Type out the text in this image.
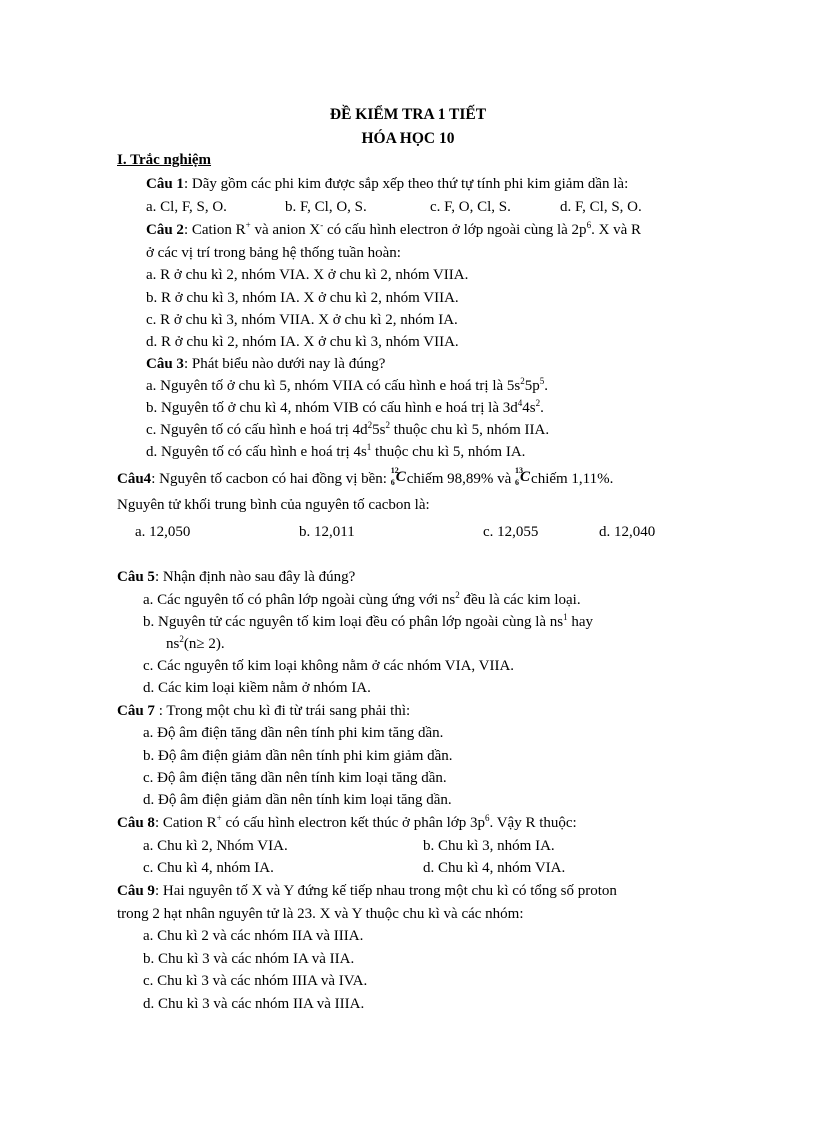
ĐỀ KIỂM TRA 1 TIẾT
HÓA HỌC 10
I. Trắc nghiệm
Câu 1: Dãy gồm các phi kim được sắp xếp theo thứ tự tính phi kim giảm dần là:
a. Cl, F, S, O.	b. F, Cl, O, S.	c. F, O, Cl, S.	d. F, Cl, S, O.
Câu 2: Cation R+ và anion X- có cấu hình electron ở lớp ngoài cùng là $2p^6$. X và R
ở các vị trí trong bảng hệ thống tuần hoàn:
a. R ở chu kì 2, nhóm VIA. X ở chu kì 2, nhóm VIIA.
b. R ở chu kì 3, nhóm IA. X ở chu kì 2, nhóm VIIA.
c. R ở chu kì 3, nhóm VIIA. X ở chu kì 2, nhóm IA.
d. R ở chu kì 2, nhóm IA. X ở chu kì 3, nhóm VIIA.
Câu 3: Phát biểu nào dưới nay là đúng?
a. Nguyên tố ở chu kì 5, nhóm VIIA có cấu hình e hoá trị là $5s^25p^5$.
b. Nguyên tố ở chu kì 4, nhóm VIB có cấu hình e hoá trị là $3d^44s^2$.
c. Nguyên tố có cấu hình e hoá trị $4d^25s^2$ thuộc chu kì 5, nhóm IIA.
d. Nguyên tố có cấu hình e hoá trị $4s^1$ thuộc chu kì 5, nhóm IA.
Câu4: Nguyên tố cacbon có hai đồng vị bền:
12
6 C chiếm 98,89% và
13
6 C chiếm 1,11%.
Nguyên tử khối trung bình của nguyên tố cacbon là:
a. 12,050	b. 12,011	c. 12,055	d. 12,040
Câu 5: Nhận định nào sau đây là đúng?
a. Các nguyên tố có phân lớp ngoài cùng ứng với $ns^2$ đều là các kim loại.
b. Nguyên tử các nguyên tố kim loại đều có phân lớp ngoài cùng là $ns^1$ hay
$ns^2(n\ge 2)$.
c. Các nguyên tố kim loại không nằm ở các nhóm VIA, VIIA.
d. Các kim loại kiềm nằm ở nhóm IA.
Câu 7 : Trong một chu kì đi từ trái sang phải thì:
a. Độ âm điện tăng dần nên tính phi kim tăng dần.
b. Độ âm điện giảm dần nên tính phi kim giảm dần.
c. Độ âm điện tăng dần nên tính kim loại tăng dần.
d. Độ âm điện giảm dần nên tính kim loại tăng dần.
Câu 8: Cation R+ có cấu hình electron kết thúc ở phân lớp $3p^6$. Vậy R thuộc:
a. Chu kì 2, Nhóm VIA.	b. Chu kì 3, nhóm IA.
c. Chu kì 4, nhóm IA.	d. Chu kì 4, nhóm VIA.
Câu 9: Hai nguyên tố X và Y đứng kế tiếp nhau trong một chu kì có tổng số proton
trong 2 hạt nhân nguyên tử là 23. X và Y thuộc chu kì và các nhóm:
a. Chu kì 2 và các nhóm IIA và IIIA.
b. Chu kì 3 và các nhóm IA và IIA.
c. Chu kì 3 và các nhóm IIIA và IVA.
d. Chu kì 3 và các nhóm IIA và IIIA.
